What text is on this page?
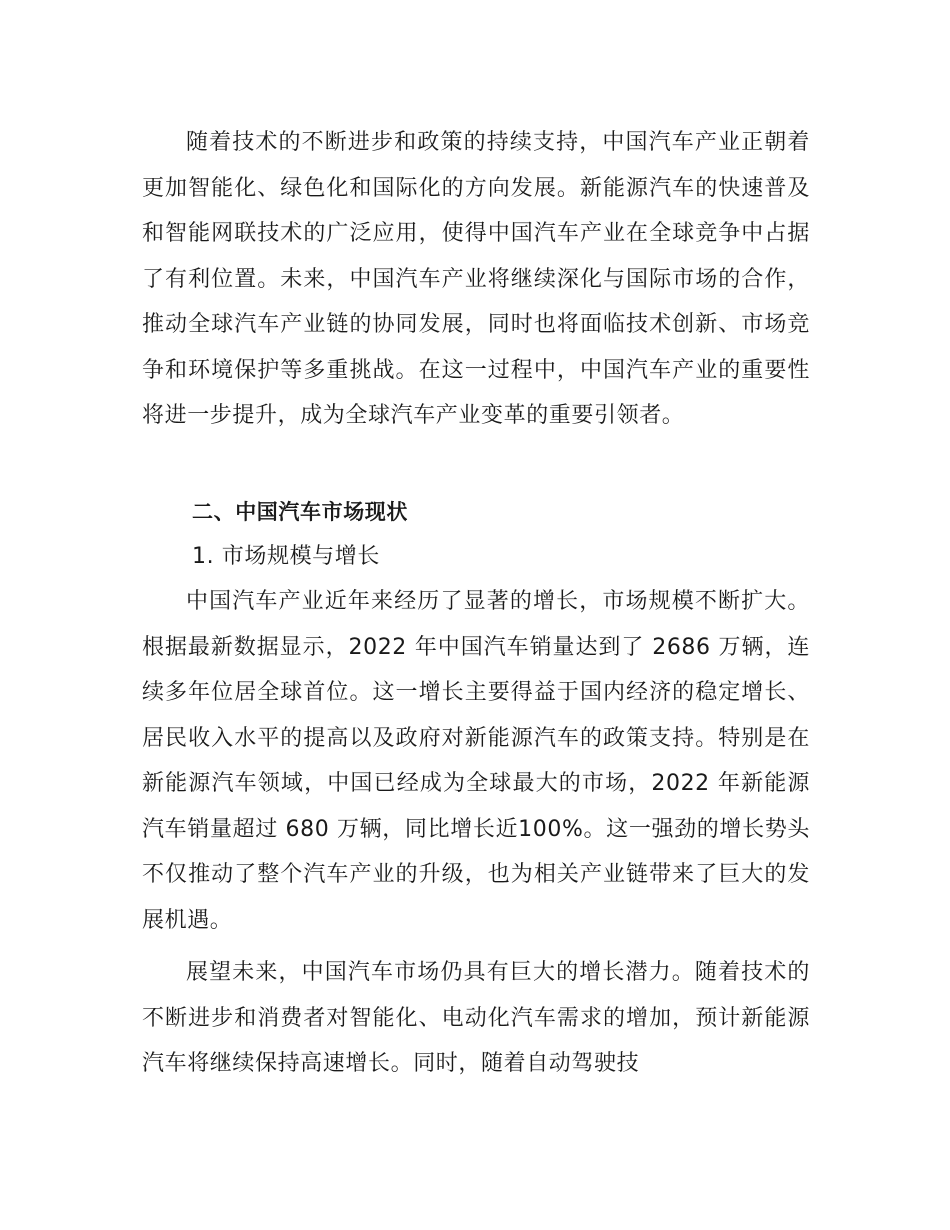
随着技术的不断进步和政策的持续支持，中国汽车产业正朝着更加智能化、绿色化和国际化的方向发展。新能源汽车的快速普及和智能网联技术的广泛应用，使得中国汽车产业在全球竞争中占据了有利位置。未来，中国汽车产业将继续深化与国际市场的合作，推动全球汽车产业链的协同发展，同时也将面临技术创新、市场竞争和环境保护等多重挑战。在这一过程中，中国汽车产业的重要性将进一步提升，成为全球汽车产业变革的重要引领者。

二、中国汽车市场现状

1. 市场规模与增长

中国汽车产业近年来经历了显著的增长，市场规模不断扩大。根据最新数据显示，2022 年中国汽车销量达到了 2686 万辆，连续多年位居全球首位。这一增长主要得益于国内经济的稳定增长、居民收入水平的提高以及政府对新能源汽车的政策支持。特别是在新能源汽车领域，中国已经成为全球最大的市场，2022 年新能源汽车销量超过 680 万辆，同比增长近100%。这一强劲的增长势头不仅推动了整个汽车产业的升级，也为相关产业链带来了巨大的发展机遇。

展望未来，中国汽车市场仍具有巨大的增长潜力。随着技术的不断进步和消费者对智能化、电动化汽车需求的增加，预计新能源汽车将继续保持高速增长。同时，随着自动驾驶技
